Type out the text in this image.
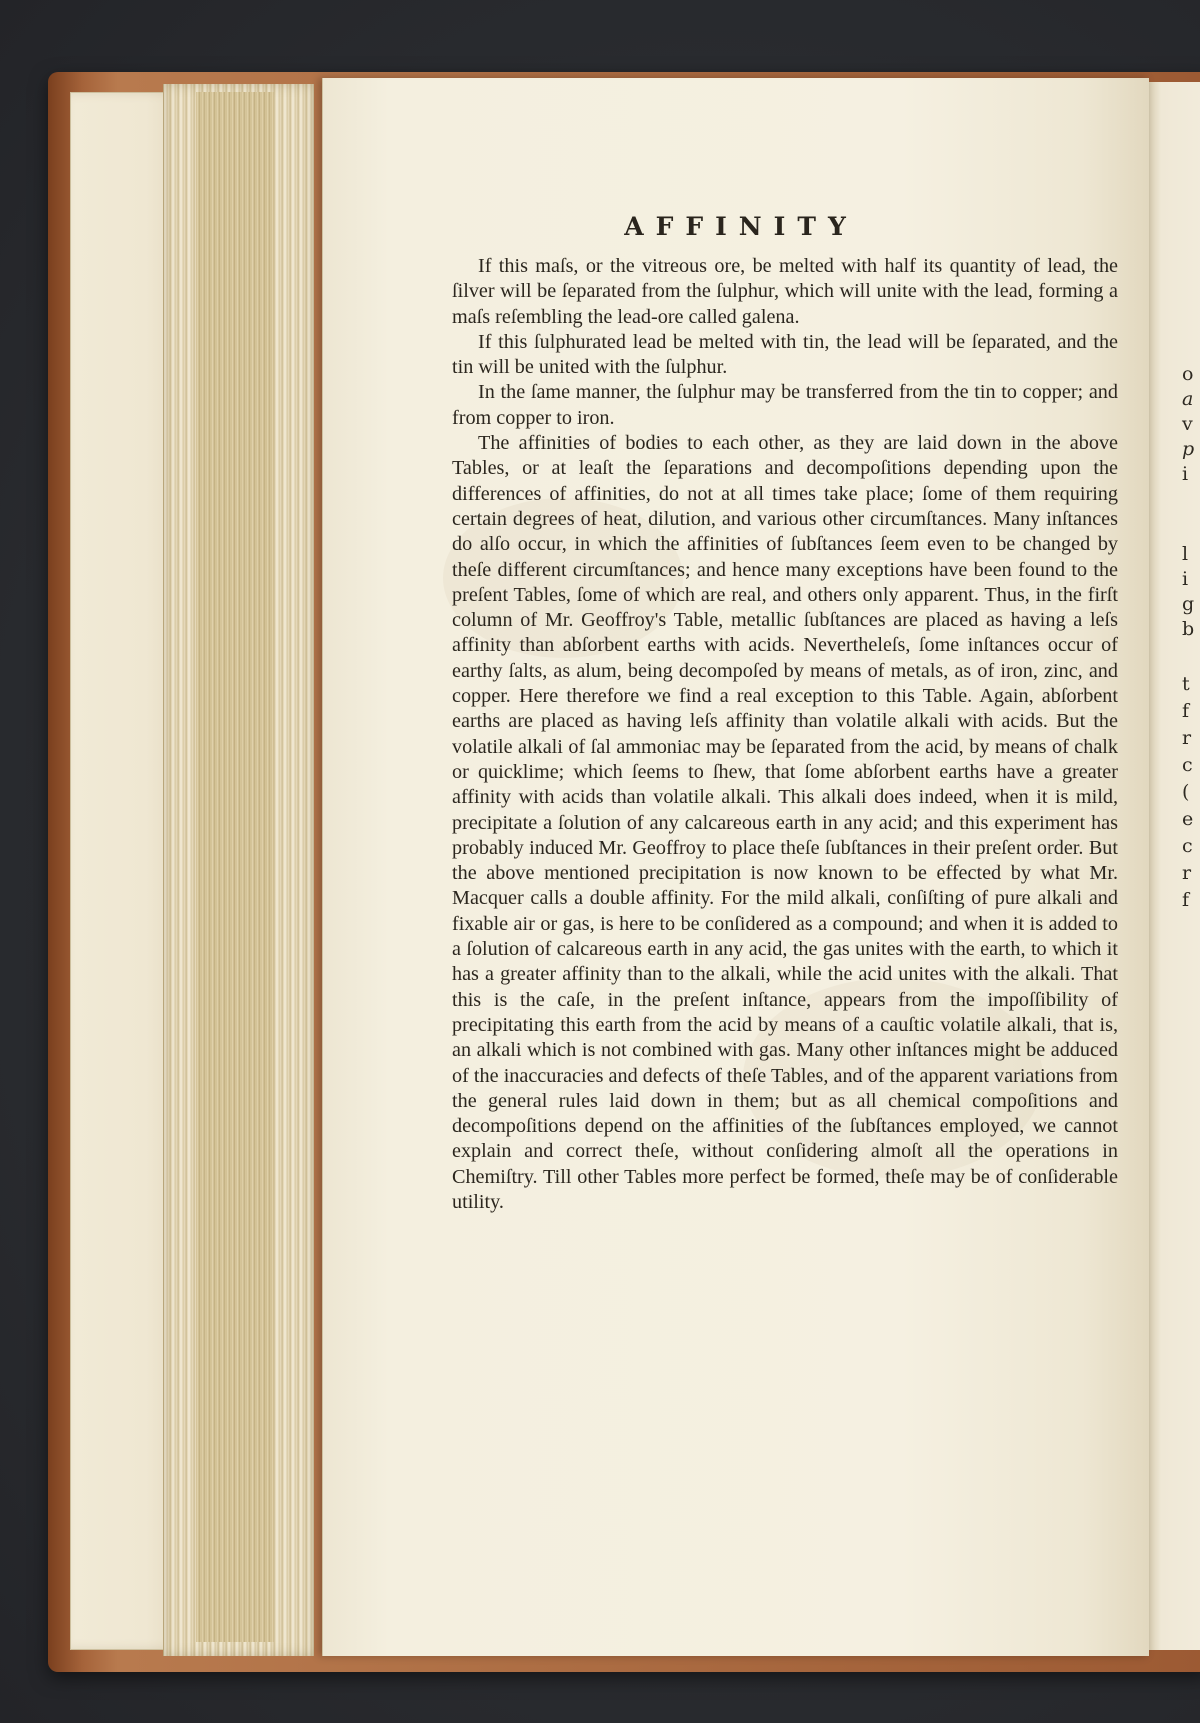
o
a
v
p
i
l
i
g
b
t
f
r
c
(
e
c
r
f
AFFINITY

If this maſs, or the vitreous ore, be melted with half its quantity of lead, the ſilver will be ſeparated from the ſulphur, which will unite with the lead, forming a maſs reſembling the lead-ore called galena.

If this ſulphurated lead be melted with tin, the lead will be ſeparated, and the tin will be united with the ſulphur.

In the ſame manner, the ſulphur may be transferred from the tin to copper; and from copper to iron.

The affinities of bodies to each other, as they are laid down in the above Tables, or at leaſt the ſeparations and decompoſitions depending upon the differences of affinities, do not at all times take place; ſome of them requiring certain degrees of heat, dilution, and various other circumſtances. Many inſtances do alſo occur, in which the affinities of ſubſtances ſeem even to be changed by theſe different circumſtances; and hence many exceptions have been found to the preſent Tables, ſome of which are real, and others only apparent. Thus, in the firſt column of Mr. Geoffroy's Table, metallic ſubſtances are placed as having a leſs affinity than abſorbent earths with acids. Nevertheleſs, ſome inſtances occur of earthy ſalts, as alum, being decompoſed by means of metals, as of iron, zinc, and copper. Here therefore we find a real exception to this Table. Again, abſorbent earths are placed as having leſs affinity than volatile alkali with acids. But the volatile alkali of ſal ammoniac may be ſeparated from the acid, by means of chalk or quicklime; which ſeems to ſhew, that ſome abſorbent earths have a greater affinity with acids than volatile alkali. This alkali does indeed, when it is mild, precipitate a ſolution of any calcareous earth in any acid; and this experiment has probably induced Mr. Geoffroy to place theſe ſubſtances in their preſent order. But the above mentioned precipitation is now known to be effected by what Mr. Macquer calls a double affinity. For the mild alkali, conſiſting of pure alkali and fixable air or gas, is here to be conſidered as a compound; and when it is added to a ſolution of calcareous earth in any acid, the gas unites with the earth, to which it has a greater affinity than to the alkali, while the acid unites with the alkali. That this is the caſe, in the preſent inſtance, appears from the impoſſibility of precipitating this earth from the acid by means of a cauſtic volatile alkali, that is, an alkali which is not combined with gas. Many other inſtances might be adduced of the inaccuracies and defects of theſe Tables, and of the apparent variations from the general rules laid down in them; but as all chemical compoſitions and decompoſitions depend on the affinities of the ſubſtances employed, we cannot explain and correct theſe, without conſidering almoſt all the operations in Chemiſtry. Till other Tables more perfect be formed, theſe may be of conſiderable utility.
